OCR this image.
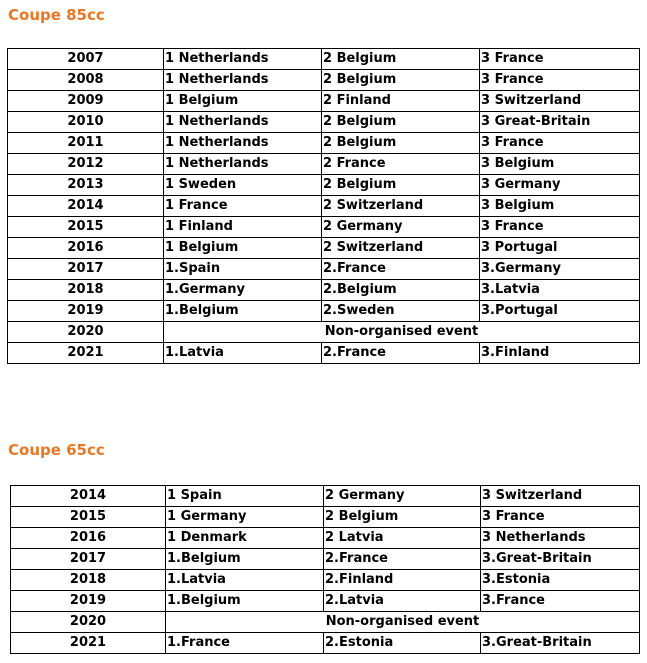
Coupe 85cc
2007	1 Netherlands	2 Belgium	3 France
2008	1 Netherlands	2 Belgium	3 France
2009	1 Belgium	2 Finland	3 Switzerland
2010	1 Netherlands	2 Belgium	3 Great-Britain
2011	1 Netherlands	2 Belgium	3 France
2012	1 Netherlands	2 France	3 Belgium
2013	1 Sweden	2 Belgium	3 Germany
2014	1 France	2 Switzerland	3 Belgium
2015	1 Finland	2 Germany	3 France
2016	1 Belgium	2 Switzerland	3 Portugal
2017	1.Spain	2.France	3.Germany
2018	1.Germany	2.Belgium	3.Latvia
2019	1.Belgium	2.Sweden	3.Portugal
2020	Non-organised event		
2021	1.Latvia	2.France	3.Finland
Coupe 65cc
2014	1 Spain	2 Germany	3 Switzerland
2015	1 Germany	2 Belgium	3 France
2016	1 Denmark	2 Latvia	3 Netherlands
2017	1.Belgium	2.France	3.Great-Britain
2018	1.Latvia	2.Finland	3.Estonia
2019	1.Belgium	2.Latvia	3.France
2020	Non-organised event		
2021	1.France	2.Estonia	3.Great-Britain
